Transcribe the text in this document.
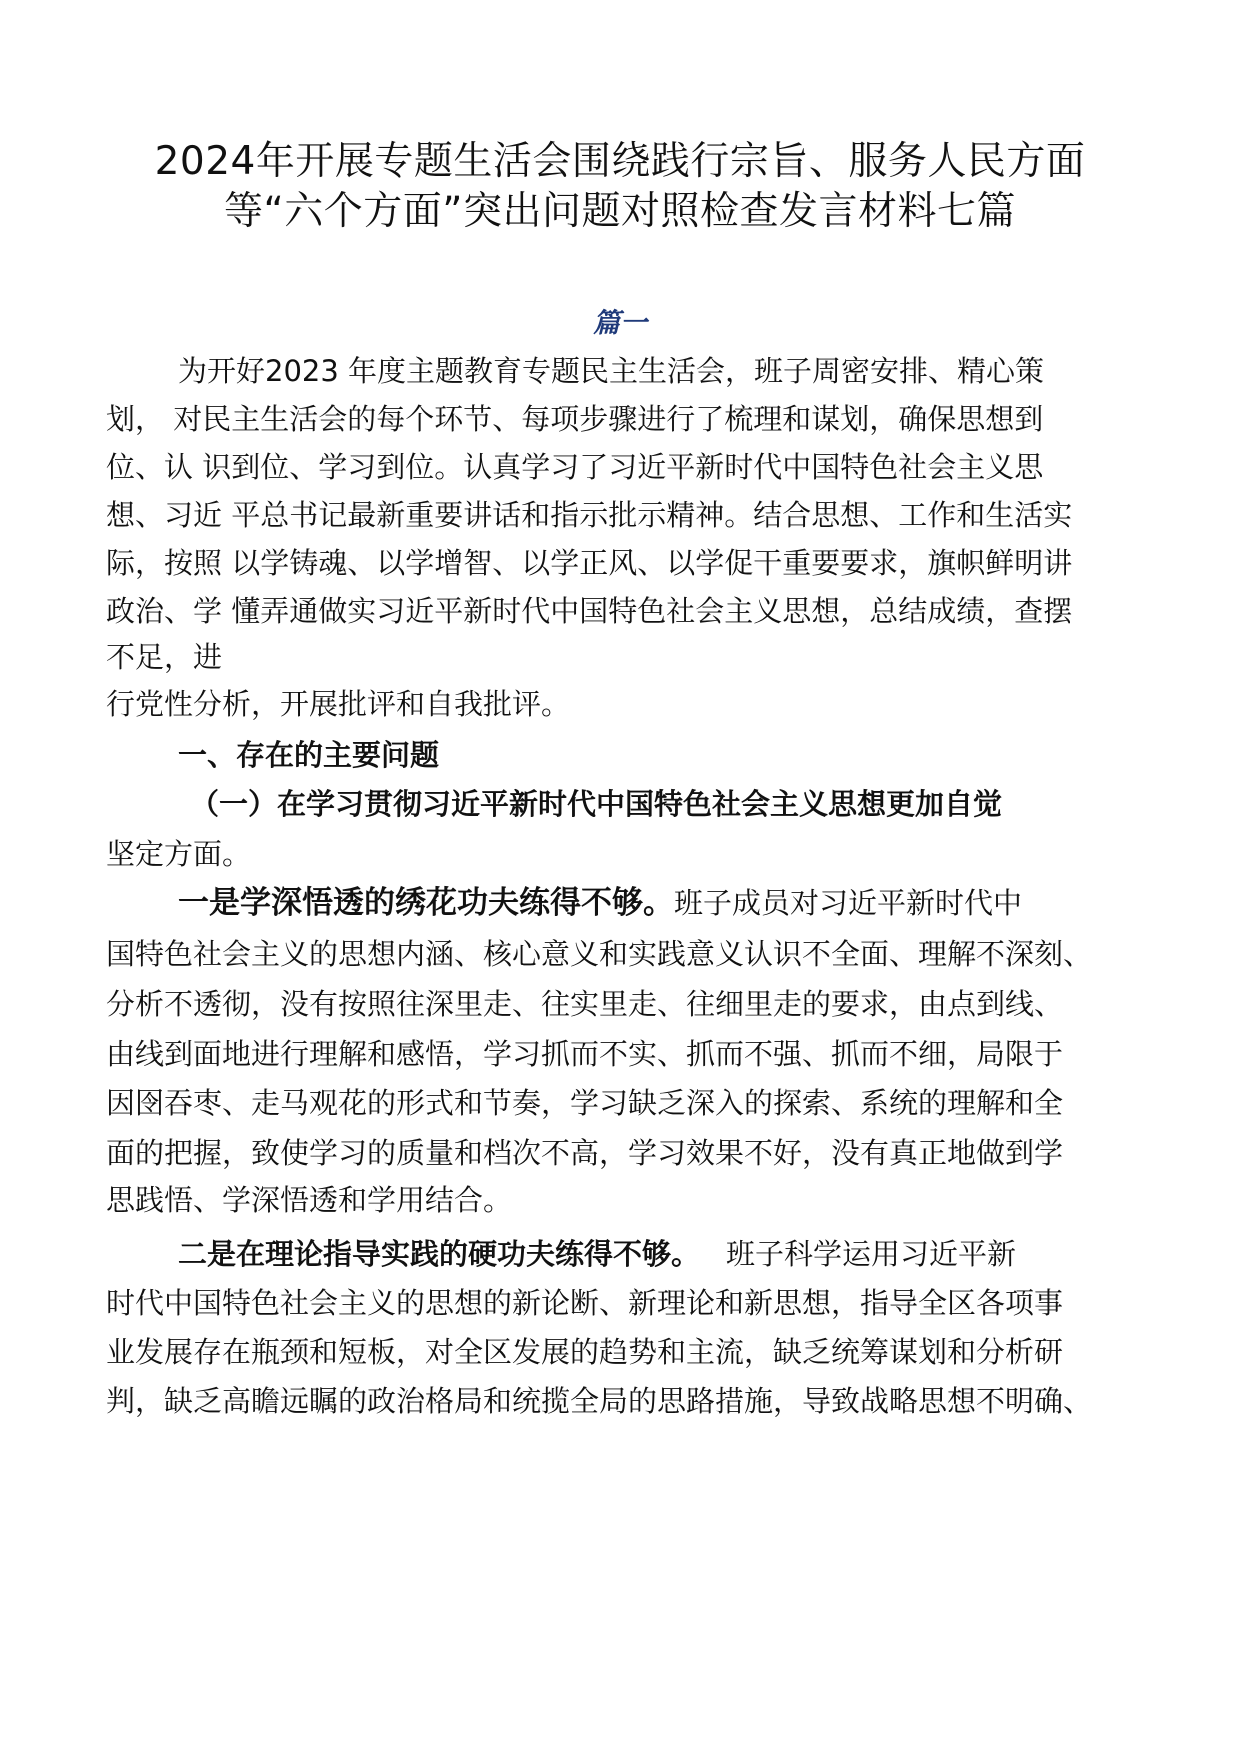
2024年开展专题生活会围绕践行宗旨、服务人民方面
等“六个方面”突出问题对照检查发言材料七篇
篇一
为开好2023 年度主题教育专题民主生活会，班子周密安排、精心策
划， 对民主生活会的每个环节、每项步骤进行了梳理和谋划，确保思想到
位、认 识到位、学习到位。认真学习了习近平新时代中国特色社会主义思
想、习近 平总书记最新重要讲话和指示批示精神。结合思想、工作和生活实
际，按照 以学铸魂、以学增智、以学正风、以学促干重要要求，旗帜鲜明讲
政治、学 懂弄通做实习近平新时代中国特色社会主义思想，总结成绩，查摆
不足，进
行党性分析，开展批评和自我批评。
一、存在的主要问题
（一）在学习贯彻习近平新时代中国特色社会主义思想更加自觉
坚定方面。
一是学深悟透的绣花功夫练得不够。班子成员对习近平新时代中
国特色社会主义的思想内涵、核心意义和实践意义认识不全面、理解不深刻、
分析不透彻，没有按照往深里走、往实里走、往细里走的要求，由点到线、
由线到面地进行理解和感悟，学习抓而不实、抓而不强、抓而不细，局限于
因囹吞枣、走马观花的形式和节奏，学习缺乏深入的探索、系统的理解和全
面的把握，致使学习的质量和档次不高，学习效果不好，没有真正地做到学
思践悟、学深悟透和学用结合。
二是在理论指导实践的硬功夫练得不够。 班子科学运用习近平新
时代中国特色社会主义的思想的新论断、新理论和新思想，指导全区各项事
业发展存在瓶颈和短板，对全区发展的趋势和主流，缺乏统筹谋划和分析研
判，缺乏高瞻远瞩的政治格局和统揽全局的思路措施，导致战略思想不明确、
